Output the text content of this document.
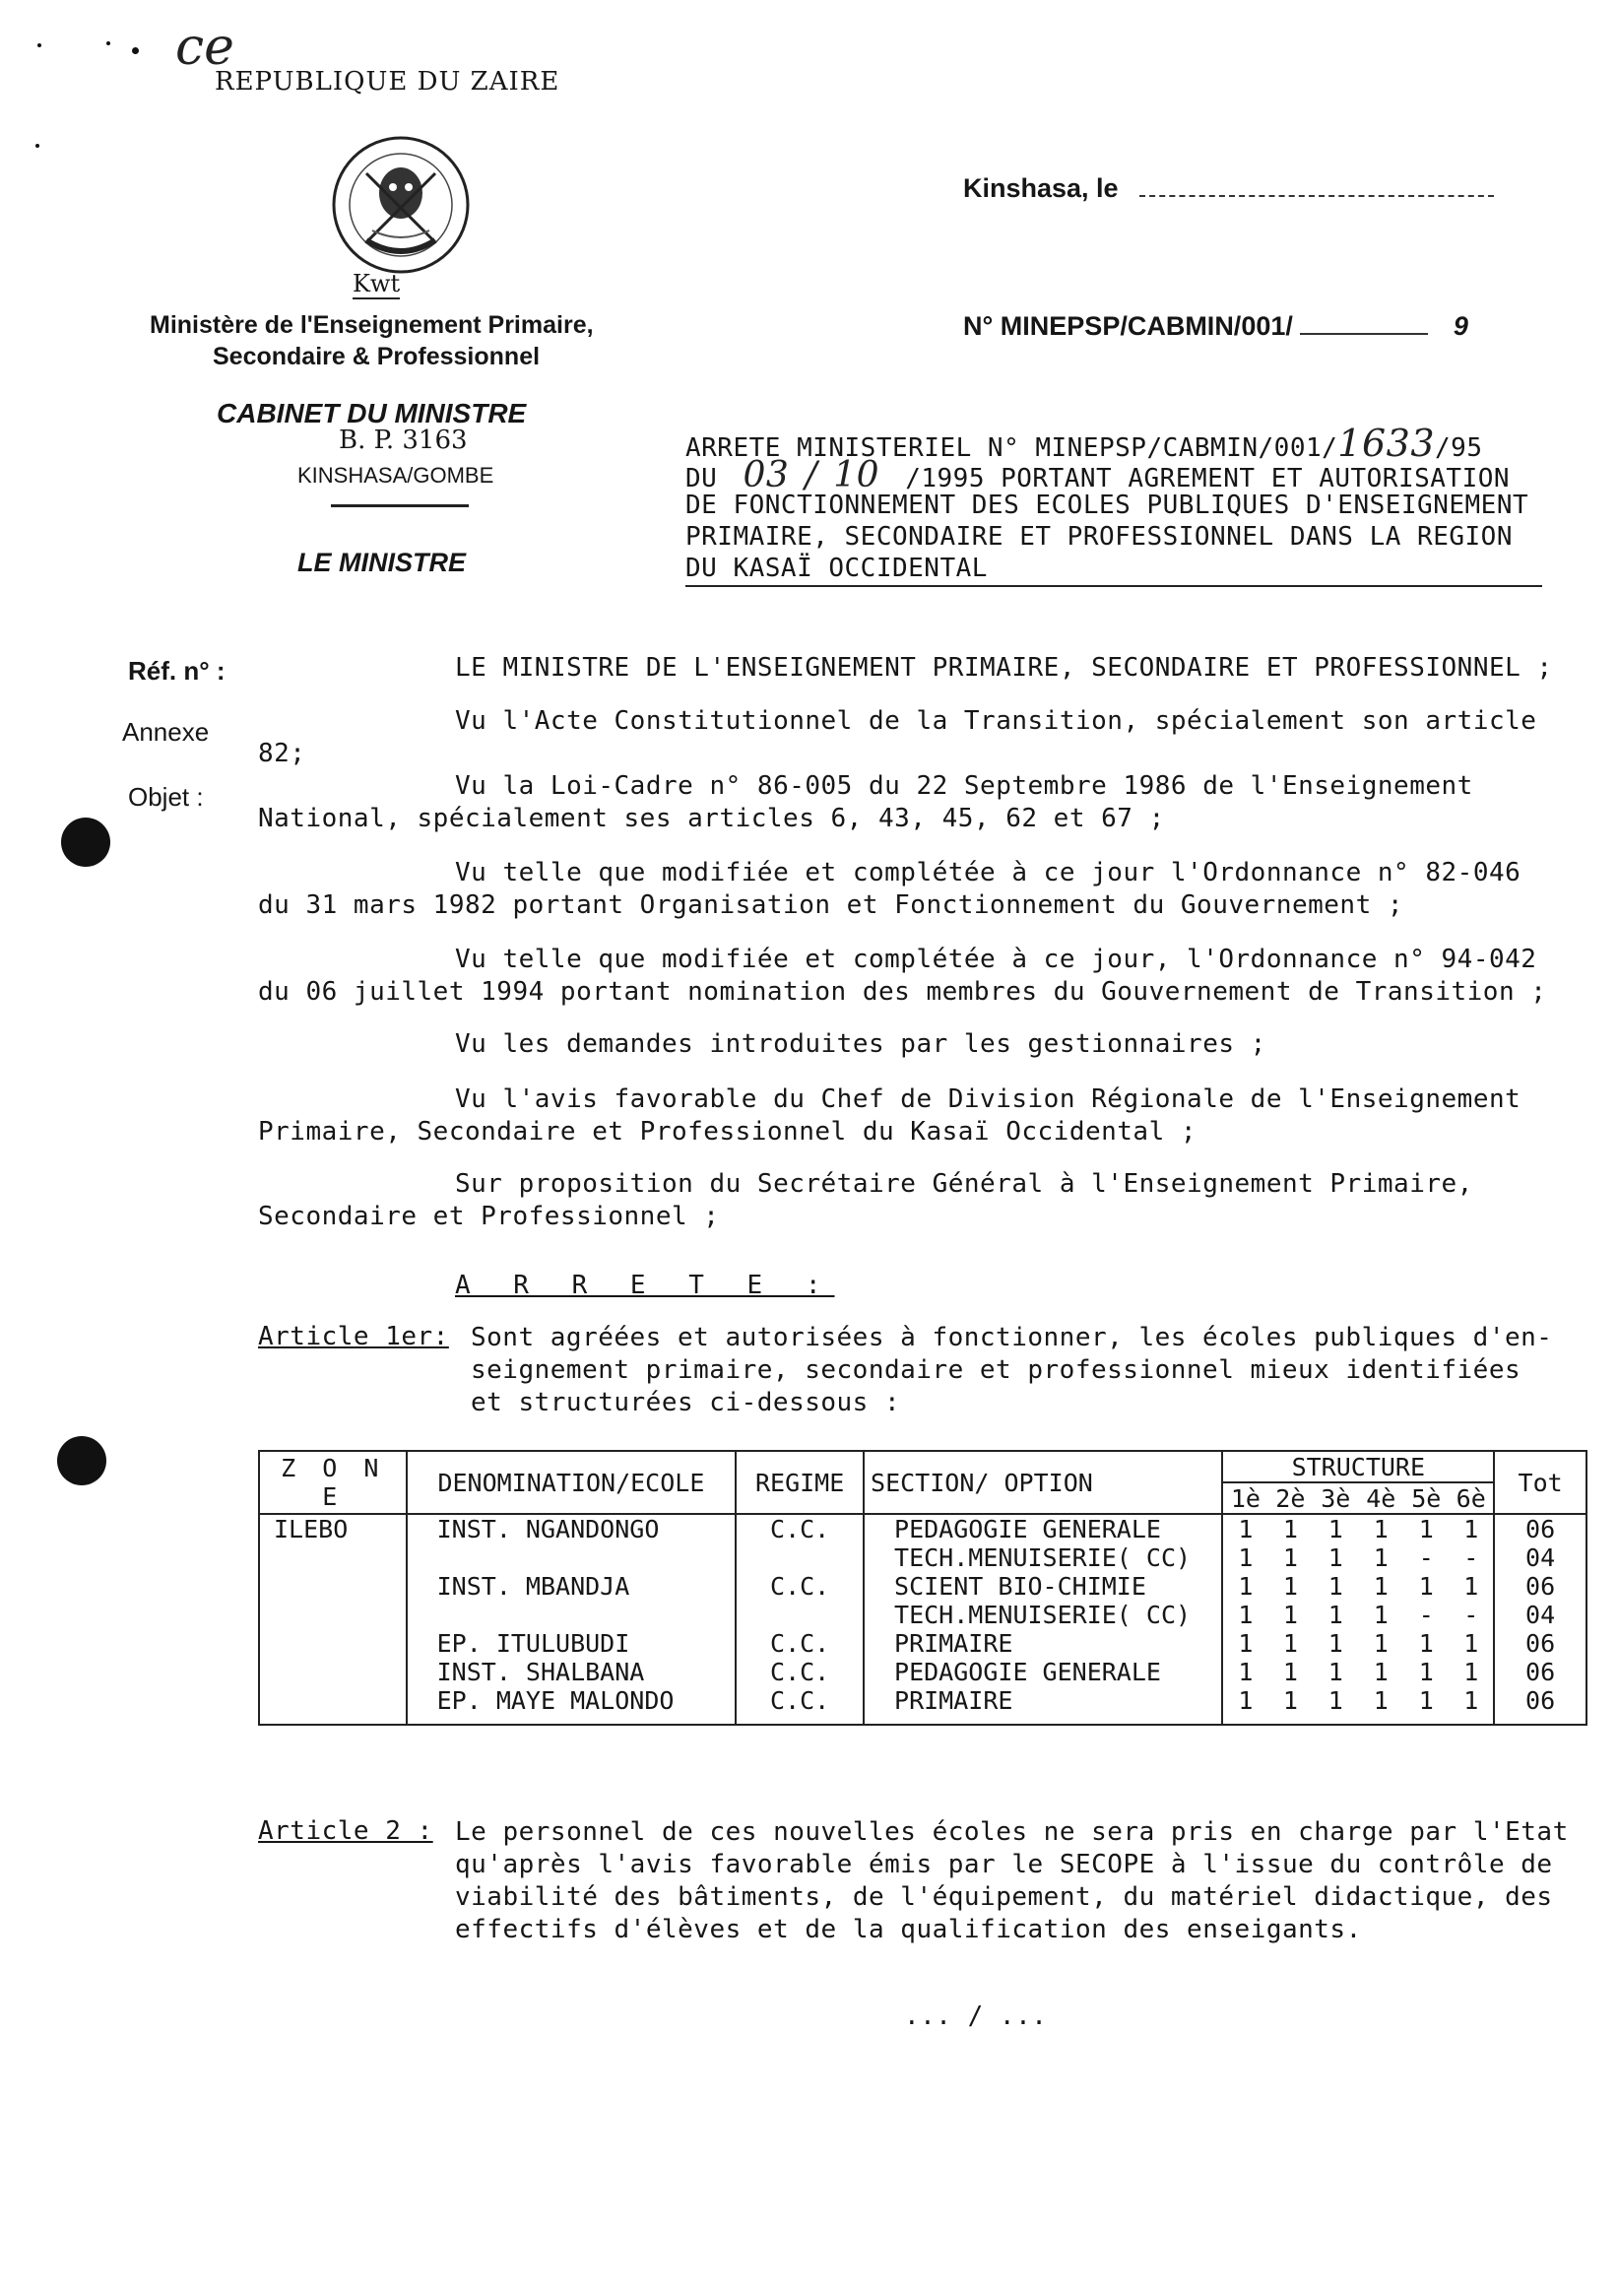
ce
REPUBLIQUE DU ZAIRE
Kwt
Ministère de l'Enseignement Primaire,
Secondaire & Professionnel
CABINET DU MINISTRE
B. P. 3163
KINSHASA/GOMBE
LE MINISTRE
Kinshasa, le
N° MINEPSP/CABMIN/001/	9
ARRETE MINISTERIEL N° MINEPSP/CABMIN/001/1633/95
DU 03 / 10 /1995 PORTANT AGREMENT ET AUTORISATION
DE FONCTIONNEMENT DES ECOLES PUBLIQUES D'ENSEIGNEMENT
PRIMAIRE, SECONDAIRE ET PROFESSIONNEL DANS LA REGION
DU KASAÏ OCCIDENTAL
Réf. n° :
Annexe
Objet :
LE MINISTRE DE L'ENSEIGNEMENT PRIMAIRE, SECONDAIRE ET PROFESSIONNEL ;
Vu l'Acte Constitutionnel de la Transition, spécialement son article
82;
Vu la Loi-Cadre n° 86-005 du 22 Septembre 1986 de l'Enseignement
National, spécialement ses articles 6, 43, 45, 62 et 67 ;
Vu telle que modifiée et complétée à ce jour l'Ordonnance n° 82-046
du 31 mars 1982 portant Organisation et Fonctionnement du Gouvernement ;
Vu telle que modifiée et complétée à ce jour, l'Ordonnance n° 94-042
du 06 juillet 1994 portant nomination des membres du Gouvernement de Transition ;
Vu les demandes introduites par les gestionnaires ;
Vu l'avis favorable du Chef de Division Régionale de l'Enseignement
Primaire, Secondaire et Professionnel du Kasaï Occidental ;
Sur proposition du Secrétaire Général à l'Enseignement Primaire,
Secondaire et Professionnel ;
A R R E T E :
Article 1er: Sont agréées et autorisées à fonctionner, les écoles publiques d'en-
seignement primaire, secondaire et professionnel mieux identifiées
et structurées ci-dessous :
Z O N E	DENOMINATION/ECOLE	REGIME	SECTION/ OPTION	STRUCTURE						Tot
				1è	2è	3è	4è	5è	6è	
ILEBO	INST. NGANDONGO	C.C.	PEDAGOGIE GENERALE	1	1	1	1	1	1	06
			TECH.MENUISERIE( CC)	1	1	1	1	-	-	04
	INST. MBANDJA	C.C.	SCIENT BIO-CHIMIE	1	1	1	1	1	1	06
			TECH.MENUISERIE( CC)	1	1	1	1	-	-	04
	EP. ITULUBUDI	C.C.	PRIMAIRE	1	1	1	1	1	1	06
	INST. SHALBANA	C.C.	PEDAGOGIE GENERALE	1	1	1	1	1	1	06
	EP. MAYE MALONDO	C.C.	PRIMAIRE	1	1	1	1	1	1	06

Article 2 : Le personnel de ces nouvelles écoles ne sera pris en charge par l'Etat
qu'après l'avis favorable émis par le SECOPE à l'issue du contrôle de
viabilité des bâtiments, de l'équipement, du matériel didactique, des
effectifs d'élèves et de la qualification des enseigants.
... / ...
